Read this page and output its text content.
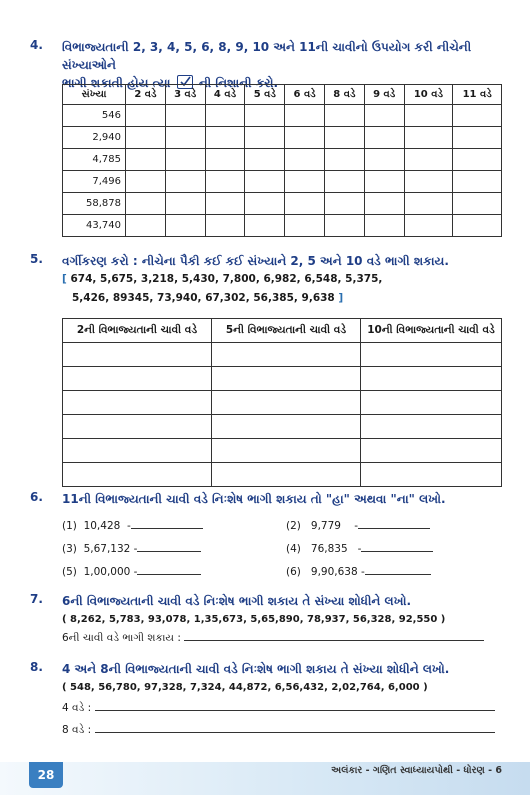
4. વિભાજ્યતાની 2, 3, 4, 5, 6, 8, 9, 10 અને 11ની ચાવીનો ઉપયોગ કરી નીચેની સંખ્યાઓને
ભાગી શકાતી હોય ત્યા ની નિશાની કરો.
સંખ્યા	2 વડે	3 વડે	4 વડે	5 વડે	6 વડે	8 વડે	9 વડે	10 વડે	11 વડે
546									
2,940									
4,785									
7,496									
58,878									
43,740									
5. વર્ગીકરણ કરો : નીચેના પૈકી કઈ કઈ સંખ્યાને 2, 5 અને 10 વડે ભાગી શકાય.
[ 674, 5,675, 3,218, 5,430, 7,800, 6,982, 6,548, 5,375,
5,426, 89345, 73,940, 67,302, 56,385, 9,638 ]
2ની વિભાજ્યતાની ચાવી વડે	5ની વિભાજ્યતાની ચાવી વડે	10ની વિભાજ્યતાની ચાવી વડે

6. 11ની વિભાજ્યતાની ચાવી વડે નિઃશેષ ભાગી શકાય તો "હા" અથવા "ના" લખો.
(1) 10,428  -	(2) 9,779    -
(3) 5,67,132 -	(4) 76,835   -
(5) 1,00,000 -	(6) 9,90,638 -
7. 6ની વિભાજ્યતાની ચાવી વડે નિઃશેષ ભાગી શકાય તે સંખ્યા શોધીને લખો.
( 8,262, 5,783, 93,078, 1,35,673, 5,65,890, 78,937, 56,328, 92,550 )
6ની ચાવી વડે ભાગી શકાય :
8. 4 અને 8ની વિભાજ્યતાની ચાવી વડે નિઃશેષ ભાગી શકાય તે સંખ્યા શોધીને લખો.
( 548, 56,780, 97,328, 7,324, 44,872, 6,56,432, 2,02,764, 6,000 )
4 વડે :
8 વડે :
28	અલંકાર - ગણિત સ્વાધ્યાયપોથી - ધોરણ - 6
